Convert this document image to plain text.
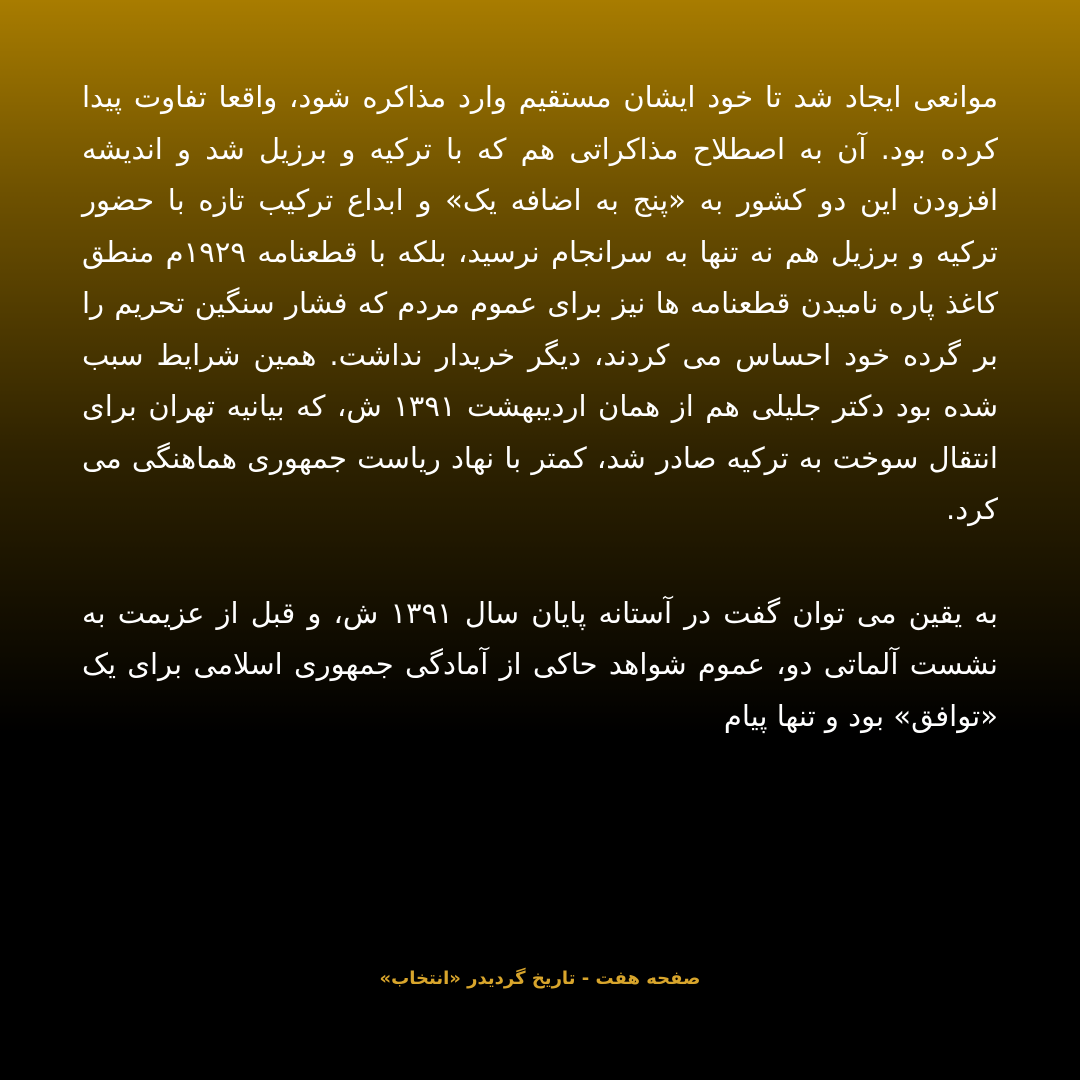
موانعی ایجاد شد تا خود ایشان مستقیم وارد مذاکره شود، واقعا تفاوت پیدا کرده بود. آن به اصطلاح مذاکراتی هم که با ترکیه و برزیل شد و اندیشه افزودن این دو کشور به «پنج به اضافه یک» و ابداع ترکیب تازه با حضور ترکیه و برزیل هم نه تنها به سرانجام نرسید، بلکه با قطعنامه ۱۹۲۹م منطق کاغذ پاره نامیدن قطعنامه ها نیز برای عموم مردم که فشار سنگین تحریم را بر گرده خود احساس می کردند، دیگر خریدار نداشت. همین شرایط سبب شده بود دکتر جلیلی هم از همان اردیبهشت ۱۳۹۱ ش، که بیانیه تهران برای انتقال سوخت به ترکیه صادر شد، کمتر با نهاد ریاست جمهوری هماهنگی می کرد.

به یقین می توان گفت در آستانه پایان سال ۱۳۹۱ ش، و قبل از عزیمت به نشست آلماتی دو، عموم شواهد حاکی از آمادگی جمهوری اسلامی برای یک «توافق» بود و تنها پیام

صفحه هفت - تاریخ گردیدر «انتخاب»
